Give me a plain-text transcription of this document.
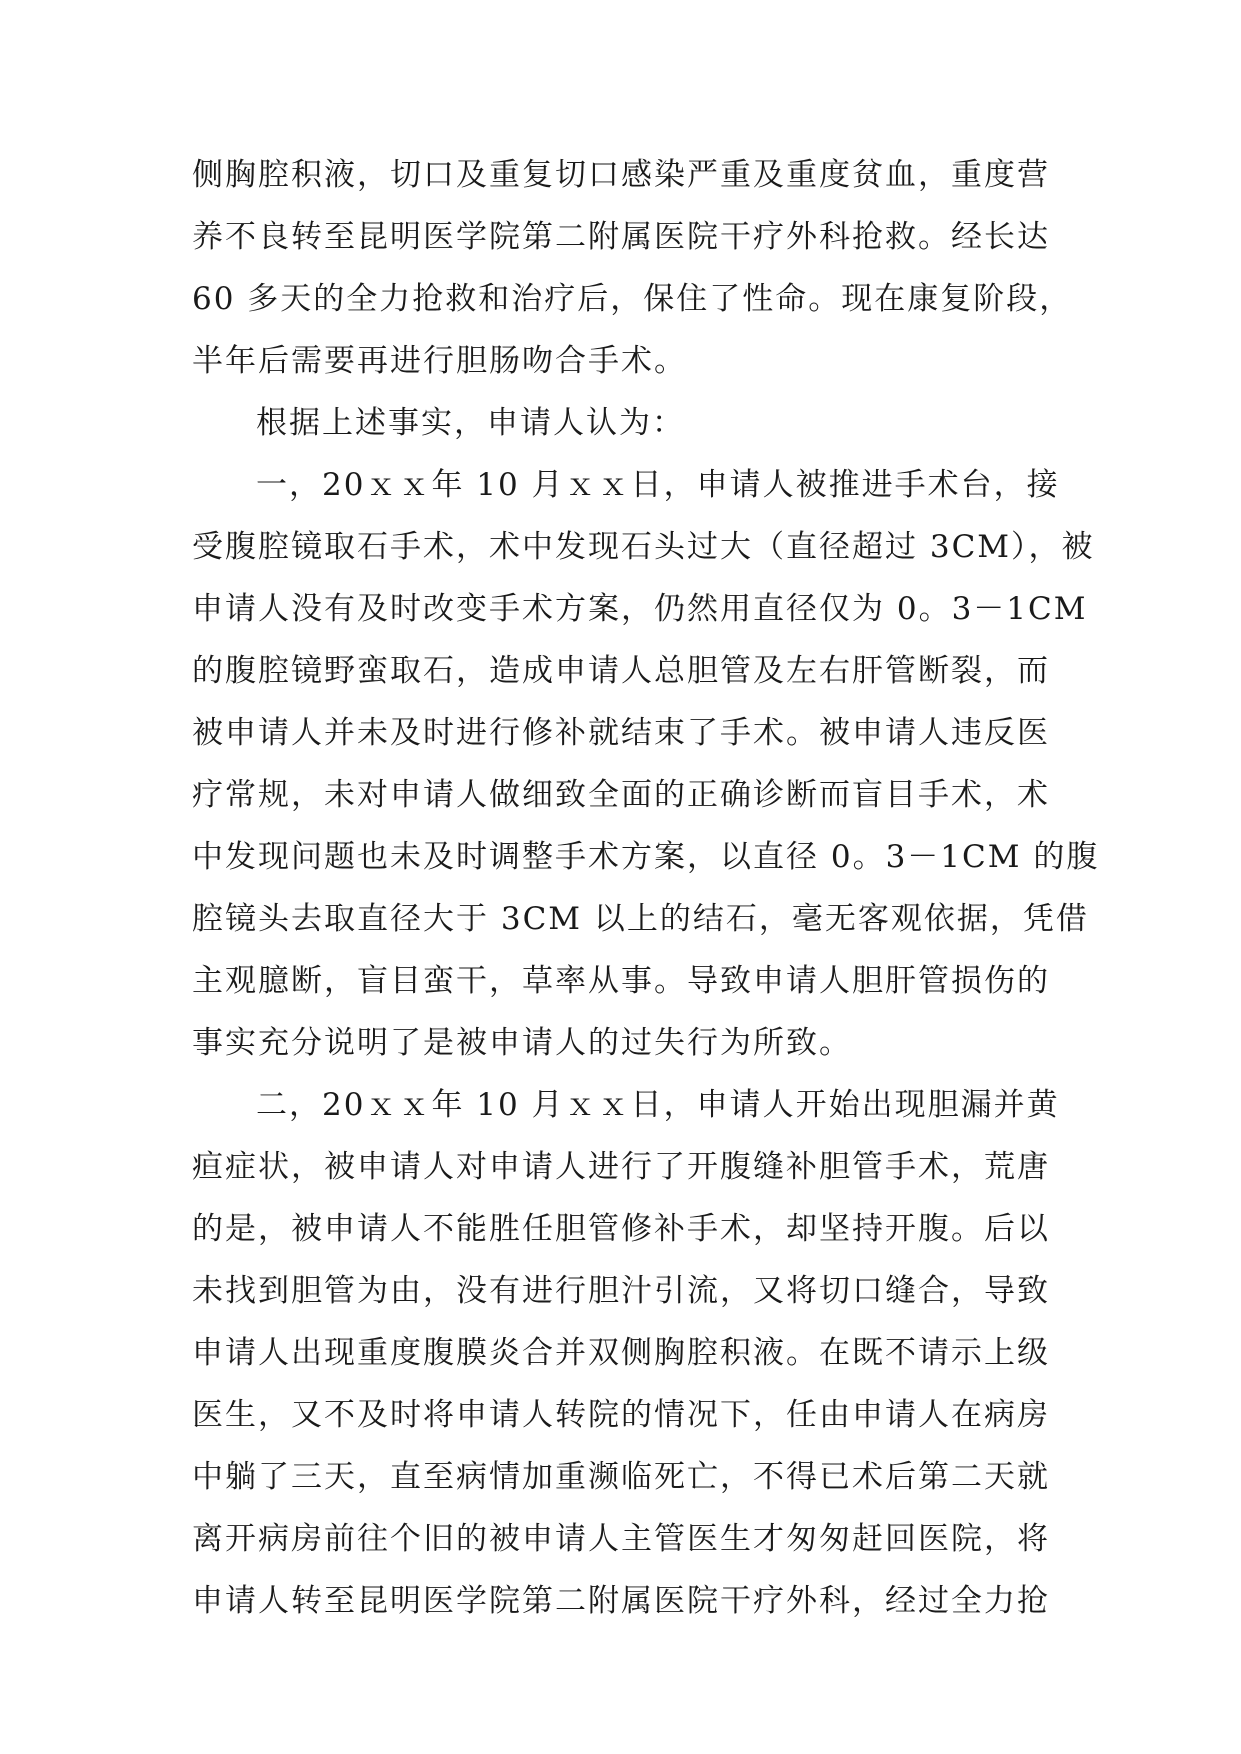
侧胸腔积液，切口及重复切口感染严重及重度贫血，重度营
养不良转至昆明医学院第二附属医院干疗外科抢救。经长达
60 多天的全力抢救和治疗后，保住了性命。现在康复阶段，
半年后需要再进行胆肠吻合手术。
根据上述事实，申请人认为：
一，20ｘｘ年 10 月ｘｘ日，申请人被推进手术台，接
受腹腔镜取石手术，术中发现石头过大（直径超过 3CM），被
申请人没有及时改变手术方案，仍然用直径仅为 0。3－1CM
的腹腔镜野蛮取石，造成申请人总胆管及左右肝管断裂，而
被申请人并未及时进行修补就结束了手术。被申请人违反医
疗常规，未对申请人做细致全面的正确诊断而盲目手术，术
中发现问题也未及时调整手术方案，以直径 0。3－1CM 的腹
腔镜头去取直径大于 3CM 以上的结石，毫无客观依据，凭借
主观臆断，盲目蛮干，草率从事。导致申请人胆肝管损伤的
事实充分说明了是被申请人的过失行为所致。
二，20ｘｘ年 10 月ｘｘ日，申请人开始出现胆漏并黄
疸症状，被申请人对申请人进行了开腹缝补胆管手术，荒唐
的是，被申请人不能胜任胆管修补手术，却坚持开腹。后以
未找到胆管为由，没有进行胆汁引流，又将切口缝合，导致
申请人出现重度腹膜炎合并双侧胸腔积液。在既不请示上级
医生，又不及时将申请人转院的情况下，任由申请人在病房
中躺了三天，直至病情加重濒临死亡，不得已术后第二天就
离开病房前往个旧的被申请人主管医生才匆匆赶回医院，将
申请人转至昆明医学院第二附属医院干疗外科，经过全力抢
